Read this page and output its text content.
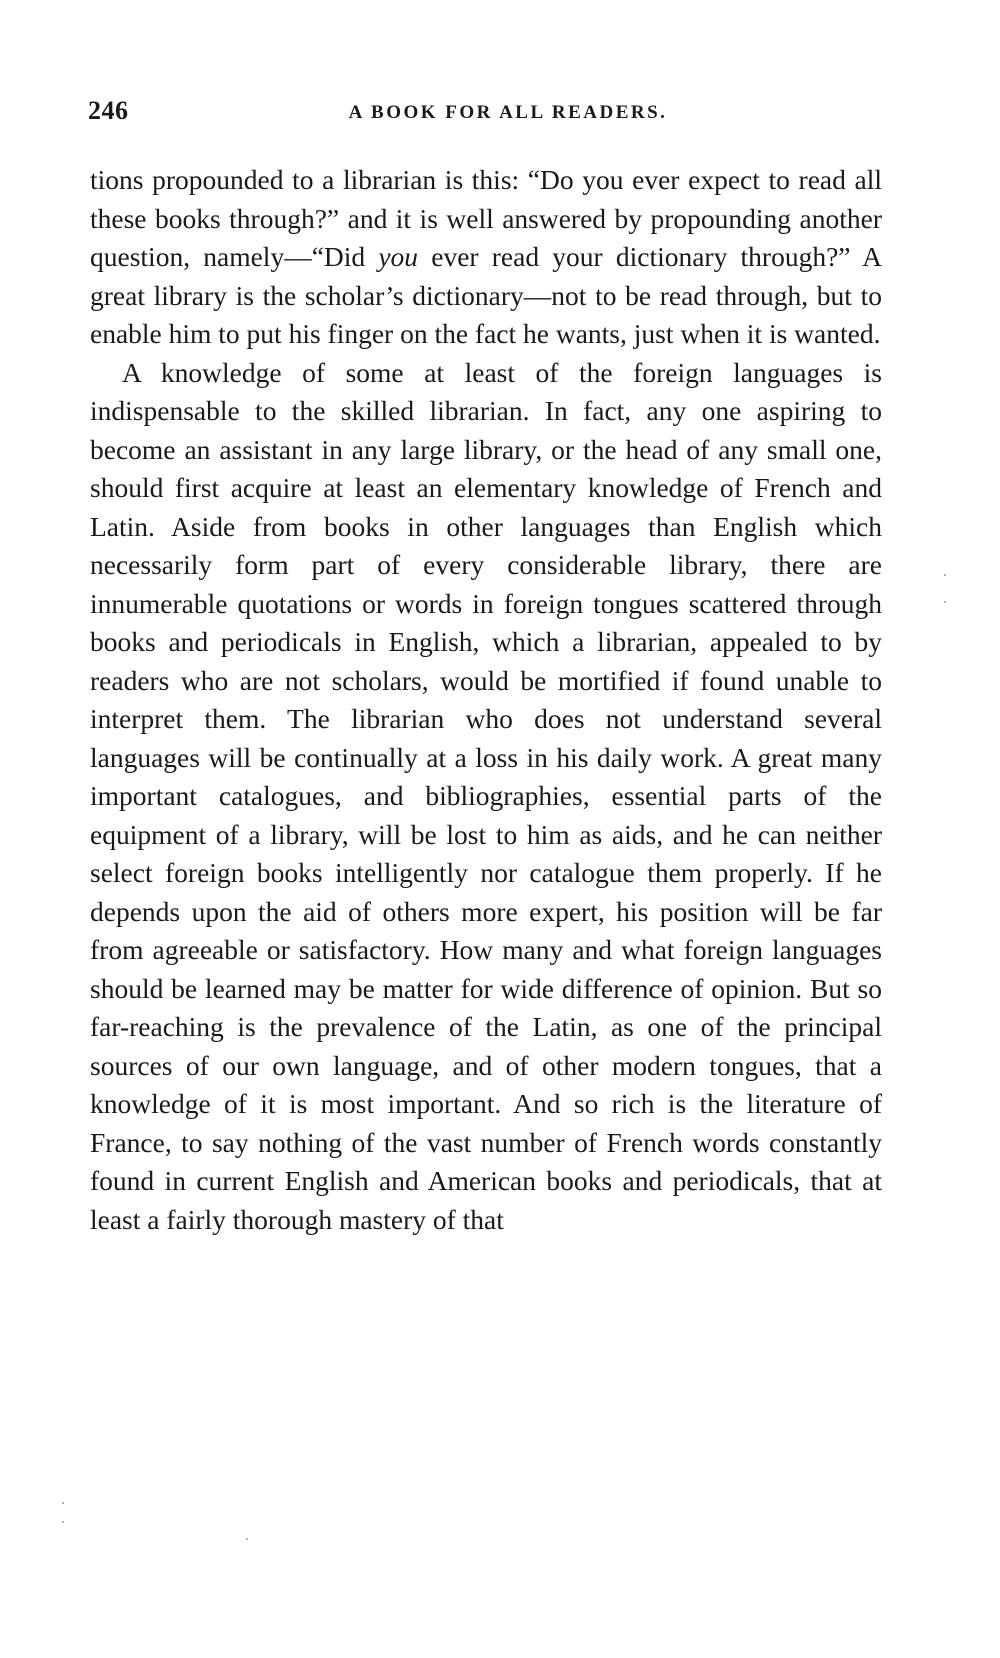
246	A BOOK FOR ALL READERS.

tions propounded to a librarian is this: “Do you ever expect to read all these books through?” and it is well answered by propounding another question, namely—“Did you ever read your dictionary through?” A great library is the scholar’s dictionary—not to be read through, but to enable him to put his finger on the fact he wants, just when it is wanted.

A knowledge of some at least of the foreign languages is indispensable to the skilled librarian. In fact, any one aspiring to become an assistant in any large library, or the head of any small one, should first acquire at least an elementary knowledge of French and Latin. Aside from books in other languages than English which necessarily form part of every considerable library, there are innumerable quotations or words in foreign tongues scattered through books and periodicals in English, which a librarian, appealed to by readers who are not scholars, would be mortified if found unable to interpret them. The librarian who does not understand several languages will be continually at a loss in his daily work. A great many important catalogues, and bibliographies, essential parts of the equipment of a library, will be lost to him as aids, and he can neither select foreign books intelligently nor catalogue them properly. If he depends upon the aid of others more expert, his position will be far from agreeable or satisfactory. How many and what foreign languages should be learned may be matter for wide difference of opinion. But so far-reaching is the prevalence of the Latin, as one of the principal sources of our own language, and of other modern tongues, that a knowledge of it is most important. And so rich is the literature of France, to say nothing of the vast number of French words constantly found in current English and American books and periodicals, that at least a fairly thorough mastery of that
